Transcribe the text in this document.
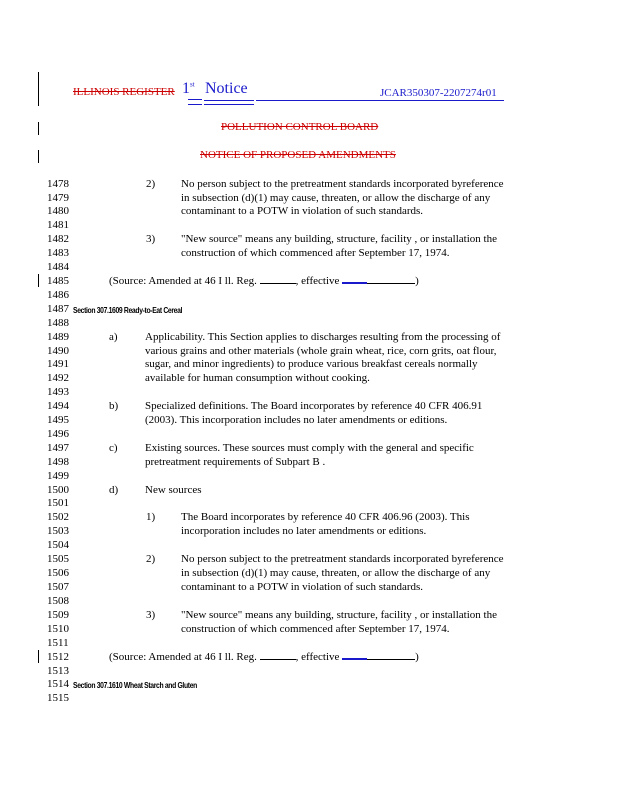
ILLINOIS REGISTER 1st Notice	JCAR350307-2207274r01
POLLUTION CONTROL BOARD
NOTICE OF PROPOSED AMENDMENTS
1478
1479
1480
1481
1482
1483
1484
1485
1486
1487
1488
1489
1490
1491
1492
1493
1494
1495
1496
1497
1498
1499
1500
1501
1502
1503
1504
1505
1506
1507
1508
1509
1510
1511
1512
1513
1514
1515
2) No person subject to the pretreatment standards incorporated byreference
in subsection (d)(1) may cause, threaten, or allow the discharge of any
contaminant to a POTW in violation of such standards.
3) "New source" means any building, structure, facility , or installation the
construction of which commenced after September 17, 1974.
(Source: Amended at 46 I ll. Reg.	, effective	)
Section 307.1609 Ready-to-Eat Cereal
a) Applicability. This Section applies to discharges resulting from the processing of
various grains and other materials (whole grain wheat, rice, corn grits, oat flour,
sugar, and minor ingredients) to produce various breakfast cereals normally
available for human consumption without cooking.
b) Specialized definitions. The Board incorporates by reference 40 CFR 406.91
(2003). This incorporation includes no later amendments or editions.
c) Existing sources. These sources must comply with the general and specific
pretreatment requirements of Subpart B .
d) New sources
1) The Board incorporates by reference 40 CFR 406.96 (2003). This
incorporation includes no later amendments or editions.
2) No person subject to the pretreatment standards incorporated byreference
in subsection (d)(1) may cause, threaten, or allow the discharge of any
contaminant to a POTW in violation of such standards.
3) "New source" means any building, structure, facility , or installation the
construction of which commenced after September 17, 1974.
(Source: Amended at 46 I ll. Reg.	, effective	)
Section 307.1610 Wheat Starch and Gluten
